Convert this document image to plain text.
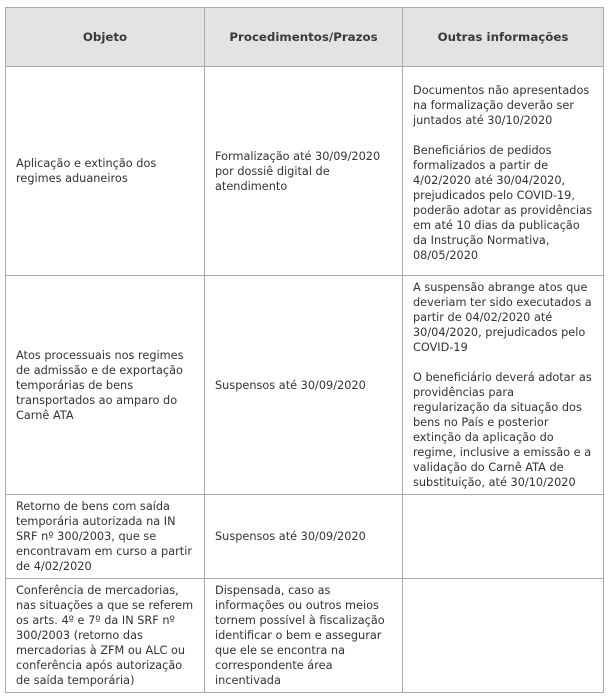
Objeto	Procedimentos/Prazos	Outras informações
Aplicação e extinção dos regimes aduaneiros	Formalização até 30/09/2020 por dossiê digital de atendimento	Documentos não apresentados na formalização deverão ser juntados até 30/10/2020

Beneficiários de pedidos formalizados a partir de 4/02/2020 até 30/04/2020, prejudicados pelo COVID-19, poderão adotar as providências em até 10 dias da publicação da Instrução Normativa, 08/05/2020

Atos processuais nos regimes de admissão e de exportação temporárias de bens transportados ao amparo do Carnê ATA	Suspensos até 30/09/2020	A suspensão abrange atos que deveriam ter sido executados a partir de 04/02/2020 até 30/04/2020, prejudicados pelo COVID-19

O beneficiário deverá adotar as providências para regularização da situação dos bens no País e posterior extinção da aplicação do regime, inclusive a emissão e a validação do Carnê ATA de substituição, até 30/10/2020

Retorno de bens com saída temporária autorizada na IN SRF nº 300/2003, que se encontravam em curso a partir de 4/02/2020	Suspensos até 30/09/2020	
Conferência de mercadorias, nas situações a que se referem os arts. 4º e 7º da IN SRF nº 300/2003 (retorno das mercadorias à ZFM ou ALC ou conferência após autorização de saída temporária)	Dispensada, caso as informações ou outros meios tornem possível à fiscalização identificar o bem e assegurar que ele se encontra na correspondente área incentivada	
